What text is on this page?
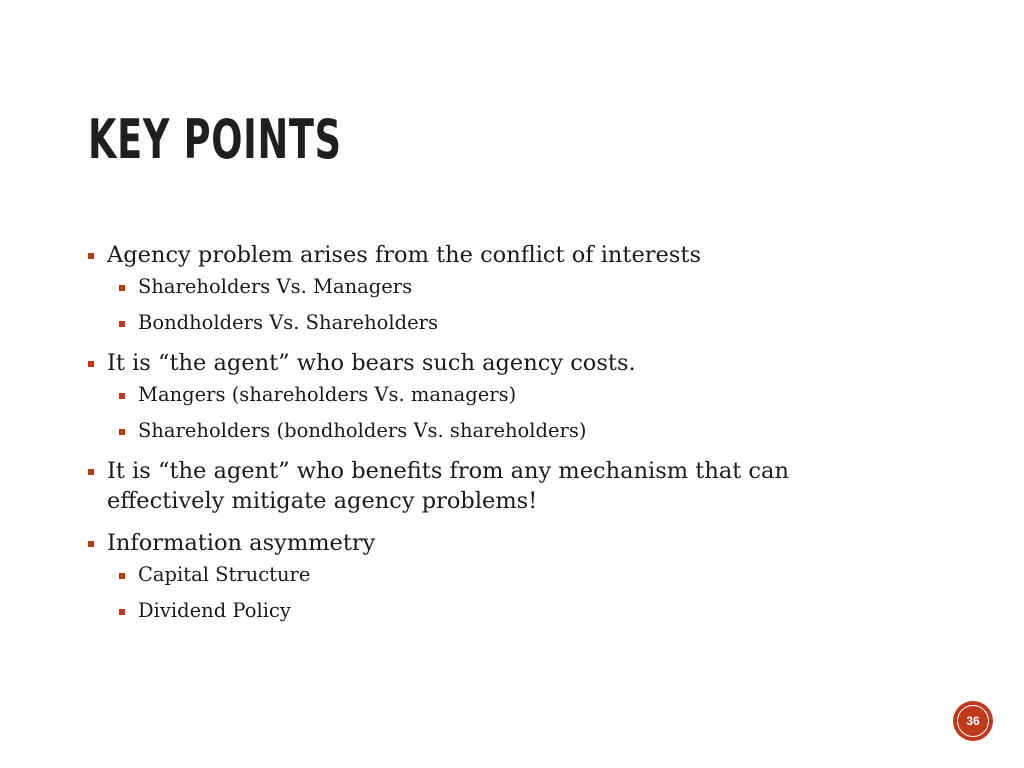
KEY POINTS
Agency problem arises from the conflict of interests
Shareholders Vs. Managers
Bondholders Vs. Shareholders
It is “the agent” who bears such agency costs.
Mangers (shareholders Vs. managers)
Shareholders (bondholders Vs. shareholders)
It is “the agent” who benefits from any mechanism that can effectively mitigate agency problems!
Information asymmetry
Capital Structure
Dividend Policy
36
